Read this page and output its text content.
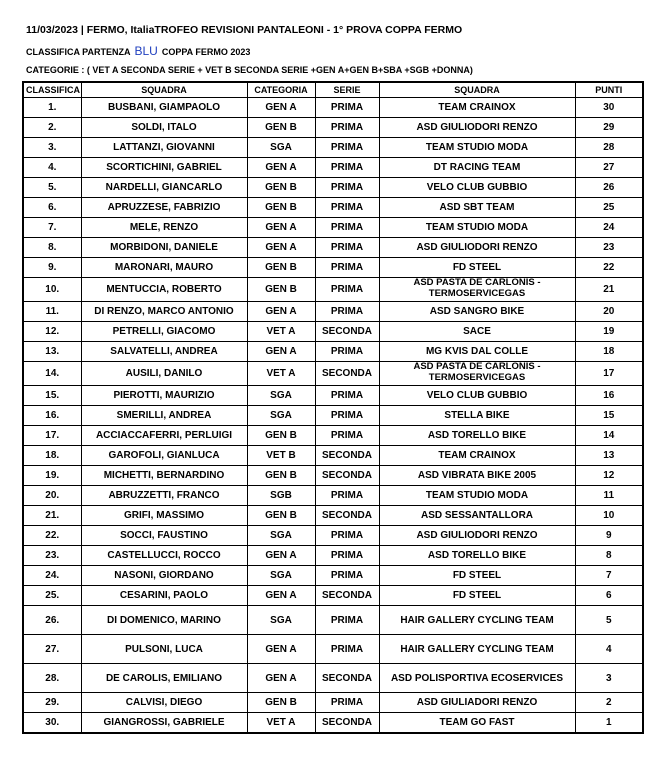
11/03/2023 | FERMO, ItaliaTROFEO REVISIONI PANTALEONI - 1° PROVA COPPA FERMO
CLASSIFICA PARTENZA BLU COPPA FERMO 2023
CATEGORIE : ( VET A SECONDA SERIE + VET B SECONDA SERIE +GEN A+GEN B+SBA +SGB +DONNA)
CLASSIFICA	SQUADRA	CATEGORIA	SERIE	SQUADRA	PUNTI
1.	BUSBANI, GIAMPAOLO	GEN A	PRIMA	TEAM CRAINOX	30
2.	SOLDI, ITALO	GEN B	PRIMA	ASD GIULIODORI RENZO	29
3.	LATTANZI, GIOVANNI	SGA	PRIMA	TEAM STUDIO MODA	28
4.	SCORTICHINI, GABRIEL	GEN A	PRIMA	DT RACING TEAM	27
5.	NARDELLI, GIANCARLO	GEN B	PRIMA	VELO CLUB GUBBIO	26
6.	APRUZZESE, FABRIZIO	GEN B	PRIMA	ASD SBT TEAM	25
7.	MELE, RENZO	GEN A	PRIMA	TEAM STUDIO MODA	24
8.	MORBIDONI, DANIELE	GEN A	PRIMA	ASD GIULIODORI RENZO	23
9.	MARONARI, MAURO	GEN B	PRIMA	FD STEEL	22
10.	MENTUCCIA, ROBERTO	GEN B	PRIMA	ASD PASTA DE CARLONIS -
TERMOSERVICEGAS	21
11.	DI RENZO, MARCO ANTONIO	GEN A	PRIMA	ASD SANGRO BIKE	20
12.	PETRELLI, GIACOMO	VET A	SECONDA	SACE	19
13.	SALVATELLI, ANDREA	GEN A	PRIMA	MG KVIS DAL COLLE	18
14.	AUSILI, DANILO	VET A	SECONDA	ASD PASTA DE CARLONIS -
TERMOSERVICEGAS	17
15.	PIEROTTI, MAURIZIO	SGA	PRIMA	VELO CLUB GUBBIO	16
16.	SMERILLI, ANDREA	SGA	PRIMA	STELLA BIKE	15
17.	ACCIACCAFERRI, PERLUIGI	GEN B	PRIMA	ASD TORELLO BIKE	14
18.	GAROFOLI, GIANLUCA	VET B	SECONDA	TEAM CRAINOX	13
19.	MICHETTI, BERNARDINO	GEN B	SECONDA	ASD VIBRATA BIKE 2005	12
20.	ABRUZZETTI, FRANCO	SGB	PRIMA	TEAM STUDIO MODA	11
21.	GRIFI, MASSIMO	GEN B	SECONDA	ASD SESSANTALLORA	10
22.	SOCCI, FAUSTINO	SGA	PRIMA	ASD GIULIODORI RENZO	9
23.	CASTELLUCCI, ROCCO	GEN A	PRIMA	ASD TORELLO BIKE	8
24.	NASONI, GIORDANO	SGA	PRIMA	FD STEEL	7
25.	CESARINI, PAOLO	GEN A	SECONDA	FD STEEL	6
26.	DI DOMENICO, MARINO	SGA	PRIMA	HAIR GALLERY CYCLING TEAM	5
27.	PULSONI, LUCA	GEN A	PRIMA	HAIR GALLERY CYCLING TEAM	4
28.	DE CAROLIS, EMILIANO	GEN A	SECONDA	ASD POLISPORTIVA ECOSERVICES	3
29.	CALVISI, DIEGO	GEN B	PRIMA	ASD GIULIADORI RENZO	2
30.	GIANGROSSI, GABRIELE	VET A	SECONDA	TEAM GO FAST	1
